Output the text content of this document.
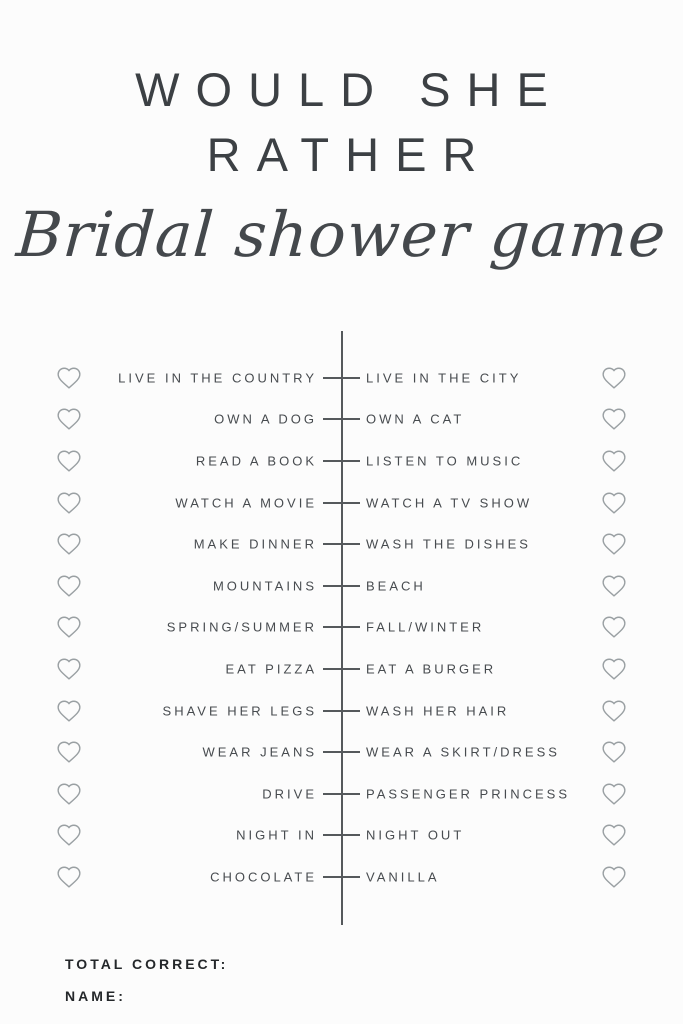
WOULD SHE
RATHER
Bridal shower game
LIVE IN THE COUNTRY	LIVE IN THE CITY
OWN A DOG	OWN A CAT
READ A BOOK	LISTEN TO MUSIC
WATCH A MOVIE	WATCH A TV SHOW
MAKE DINNER	WASH THE DISHES
MOUNTAINS	BEACH
SPRING/SUMMER	FALL/WINTER
EAT PIZZA	EAT A BURGER
SHAVE HER LEGS	WASH HER HAIR
WEAR JEANS	WEAR A SKIRT/DRESS
DRIVE	PASSENGER PRINCESS
NIGHT IN	NIGHT OUT
CHOCOLATE	VANILLA
TOTAL CORRECT:
NAME:
